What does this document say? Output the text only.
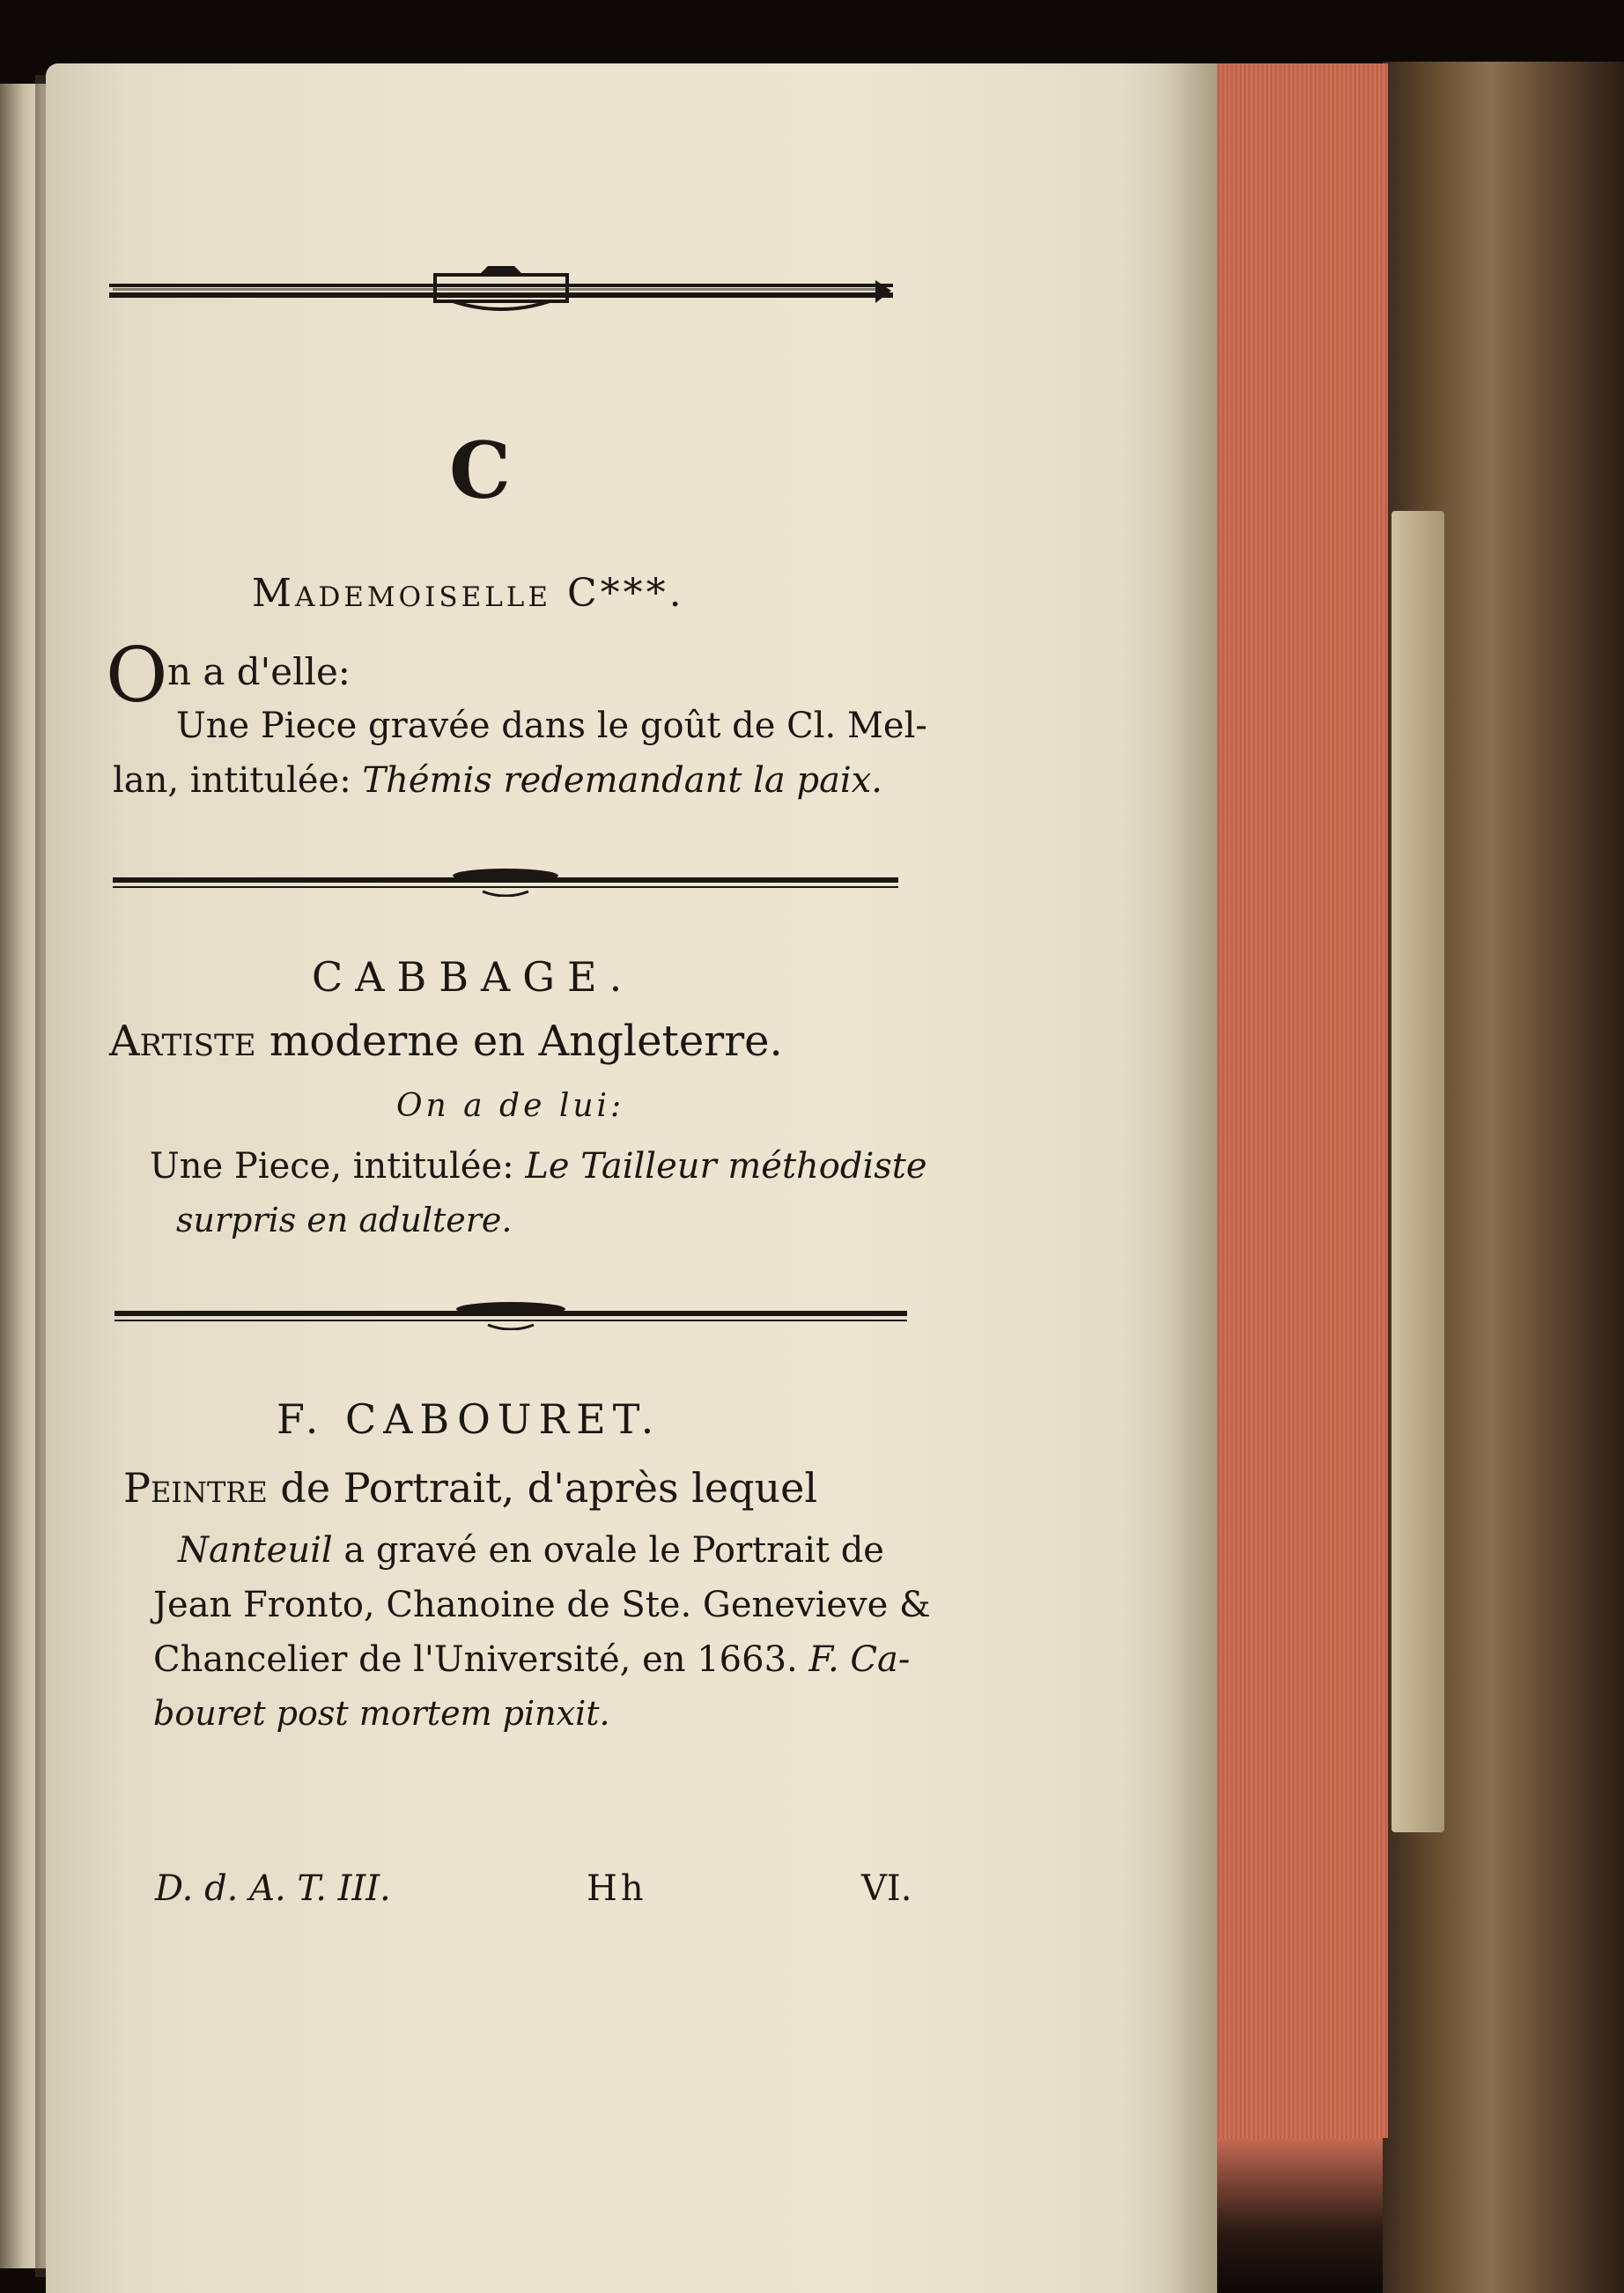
C
Mademoiselle C***.
O n a d'elle:
Une Piece gravée dans le goût de Cl. Mel-
lan, intitulée: Thémis redemandant la paix.
CABBAGE.
Artiste moderne en Angleterre.
On a de lui:
Une Piece, intitulée: Le Tailleur méthodiste
surpris en adultere.
F. CABOURET.
Peintre de Portrait, d'après lequel
Nanteuil a gravé en ovale le Portrait de
Jean Fronto, Chanoine de Ste. Genevieve &
Chancelier de l'Université, en 1663. F. Ca-
bouret post mortem pinxit.
D. d. A. T. III.	Hh	VI.
